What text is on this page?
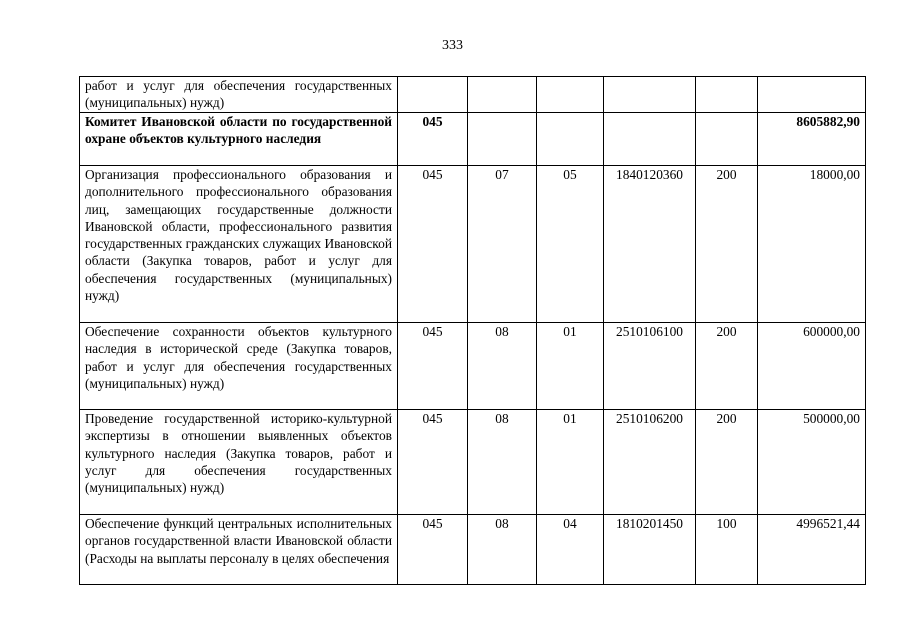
333
работ и услуг для обеспечения государственных (муниципальных) нужд)						
Комитет Ивановской области по государственной охране объектов культурного наследия	045					8605882,90
Организация профессионального образования и дополнительного профессионального образования лиц, замещающих государственные должности Ивановской области, профессионального развития государственных гражданских служащих Ивановской области (Закупка товаров, работ и услуг для обеспечения государственных (муниципальных) нужд)	045	07	05	1840120360	200	18000,00
Обеспечение сохранности объектов культурного наследия в исторической среде (Закупка товаров, работ и услуг для обеспечения государственных (муниципальных) нужд)	045	08	01	2510106100	200	600000,00
Проведение государственной историко-культурной экспертизы в отношении выявленных объектов культурного наследия (Закупка товаров, работ и услуг для обеспечения государственных (муниципальных) нужд)	045	08	01	2510106200	200	500000,00
Обеспечение функций центральных исполнительных органов государственной власти Ивановской области (Расходы на выплаты персоналу в целях обеспечения	045	08	04	1810201450	100	4996521,44
